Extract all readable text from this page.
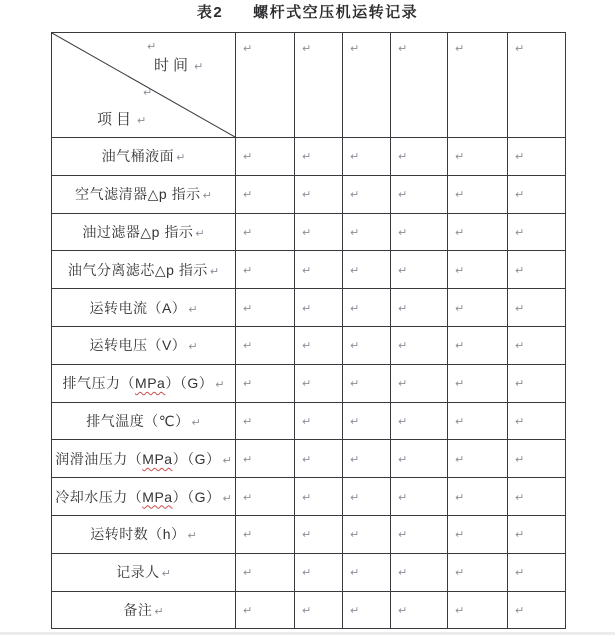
表2 螺杆式空压机运转记录
↵
时间 ↵
↵
项目 ↵	↵	↵	↵	↵	↵	↵
油气桶液面 ↵	↵	↵	↵	↵	↵	↵
空气滤清器△p 指示 ↵	↵	↵	↵	↵	↵	↵
油过滤器△p 指示 ↵	↵	↵	↵	↵	↵	↵
油气分离滤芯△p 指示 ↵	↵	↵	↵	↵	↵	↵
运转电流（A） ↵	↵	↵	↵	↵	↵	↵
运转电压（V） ↵	↵	↵	↵	↵	↵	↵
排气压力（MPa）（G） ↵	↵	↵	↵	↵	↵	↵
排气温度（℃） ↵	↵	↵	↵	↵	↵	↵
润滑油压力（MPa）（G） ↵	↵	↵	↵	↵	↵	↵
冷却水压力（MPa）（G） ↵	↵	↵	↵	↵	↵	↵
运转时数（h） ↵	↵	↵	↵	↵	↵	↵
记录人 ↵	↵	↵	↵	↵	↵	↵
备注 ↵	↵	↵	↵	↵	↵	↵
